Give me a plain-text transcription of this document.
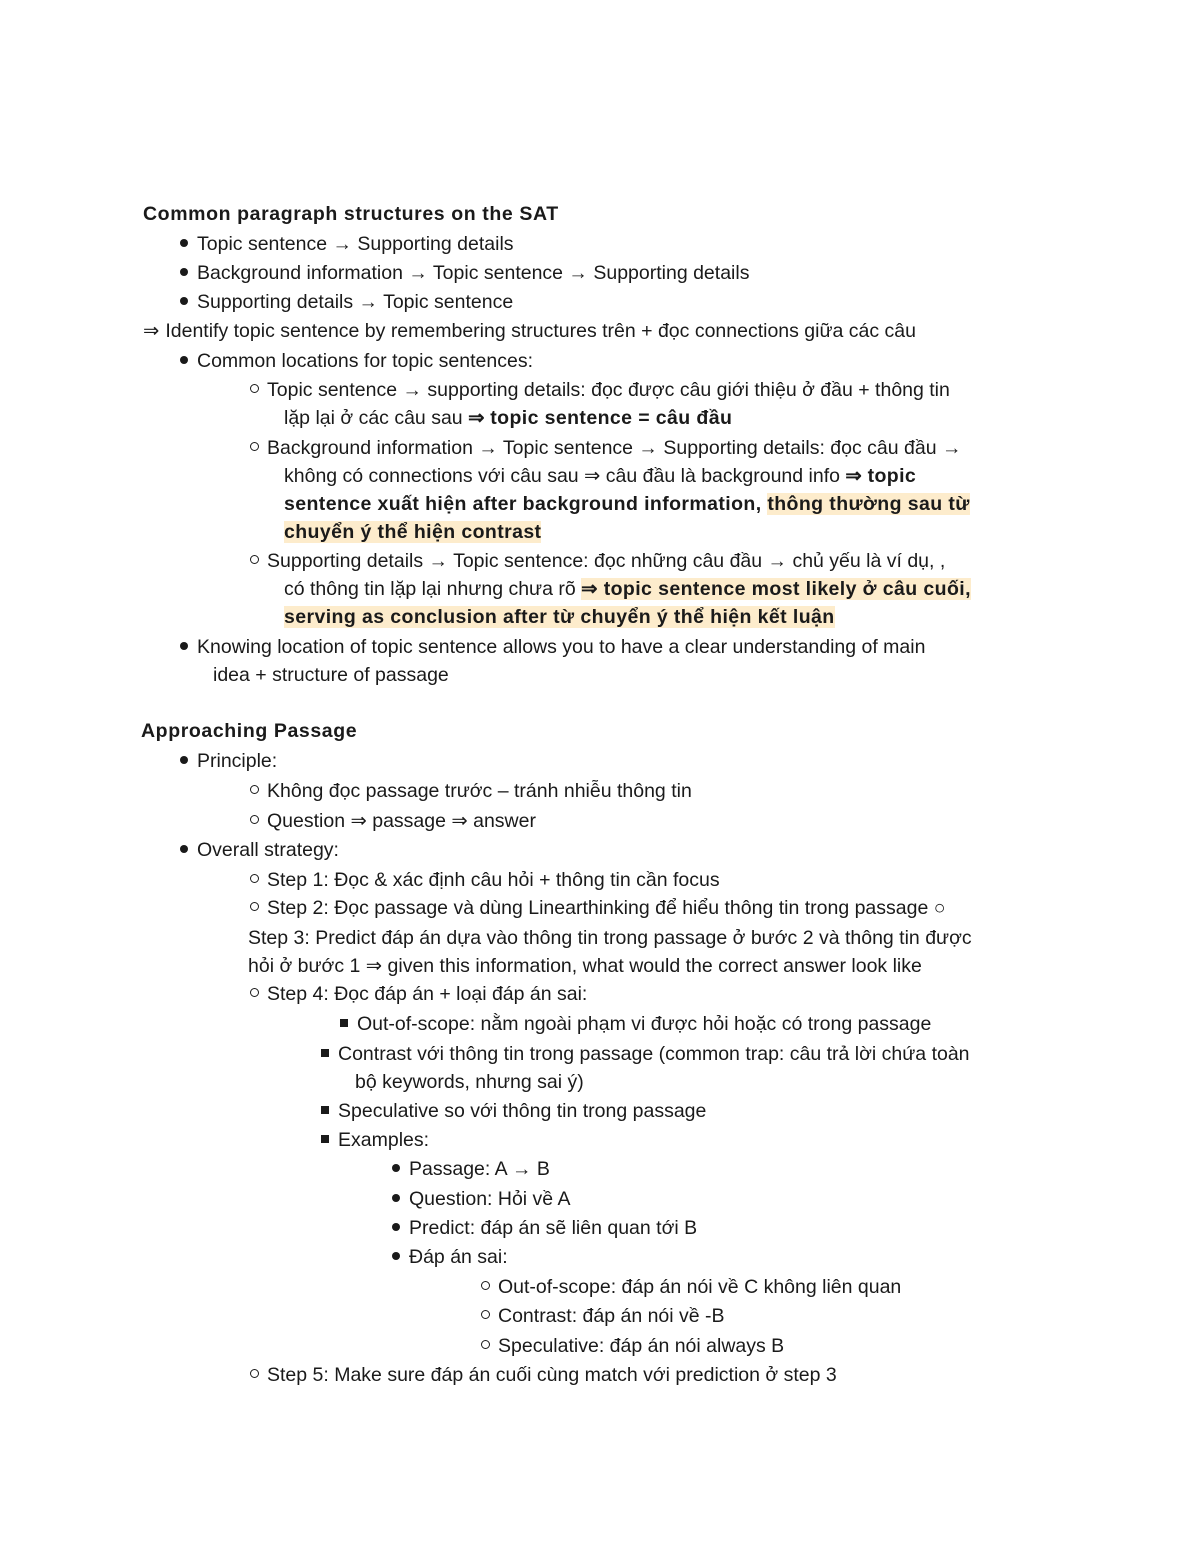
Common paragraph structures on the SAT
Topic sentence → Supporting details
Background information → Topic sentence → Supporting details
Supporting details → Topic sentence
⇒ Identify topic sentence by remembering structures trên + đọc connections giữa các câu
Common locations for topic sentences:
Topic sentence → supporting details: đọc được câu giới thiệu ở đầu + thông tin
lặp lại ở các câu sau ⇒ topic sentence = câu đầu
Background information → Topic sentence → Supporting details: đọc câu đầu →
không có connections với câu sau ⇒ câu đầu là background info ⇒ topic
sentence xuất hiện after background information, thông thường sau từ
chuyển ý thể hiện contrast
Supporting details → Topic sentence: đọc những câu đầu → chủ yếu là ví dụ, ,
có thông tin lặp lại nhưng chưa rõ ⇒ topic sentence most likely ở câu cuối,
serving as conclusion after từ chuyển ý thể hiện kết luận
Knowing location of topic sentence allows you to have a clear understanding of main
idea + structure of passage
Approaching Passage
Principle:
Không đọc passage trước – tránh nhiễu thông tin
Question ⇒ passage ⇒ answer
Overall strategy:
Step 1: Đọc & xác định câu hỏi + thông tin cần focus
Step 2: Đọc passage và dùng Linearthinking để hiểu thông tin trong passage ○
Step 3: Predict đáp án dựa vào thông tin trong passage ở bước 2 và thông tin được
hỏi ở bước 1 ⇒ given this information, what would the correct answer look like
Step 4: Đọc đáp án + loại đáp án sai:
Out-of-scope: nằm ngoài phạm vi được hỏi hoặc có trong passage
Contrast với thông tin trong passage (common trap: câu trả lời chứa toàn
bộ keywords, nhưng sai ý)
Speculative so với thông tin trong passage
Examples:
Passage: A → B
Question: Hỏi về A
Predict: đáp án sẽ liên quan tới B
Đáp án sai:
Out-of-scope: đáp án nói về C không liên quan
Contrast: đáp án nói về -B
Speculative: đáp án nói always B
Step 5: Make sure đáp án cuối cùng match với prediction ở step 3
